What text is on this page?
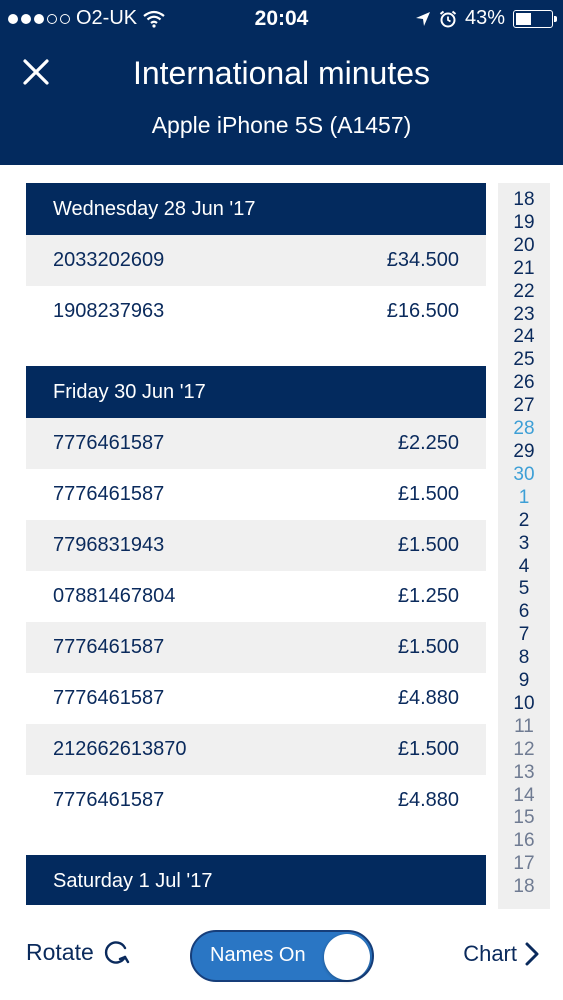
O2-UK	20:04	43%
International minutes
Apple iPhone 5S (A1457)
Wednesday 28 Jun '17
2033202609	£34.500
1908237963	£16.500
Friday 30 Jun '17
7776461587	£2.250
7776461587	£1.500
7796831943	£1.500
07881467804	£1.250
7776461587	£1.500
7776461587	£4.880
212662613870	£1.500
7776461587	£4.880
Saturday 1 Jul '17
18
19
20
21
22
23
24
25
26
27
28
29
30
1
2
3
4
5
6
7
8
9
10
11
12
13
14
15
16
17
18
Rotate	Names On	Chart
